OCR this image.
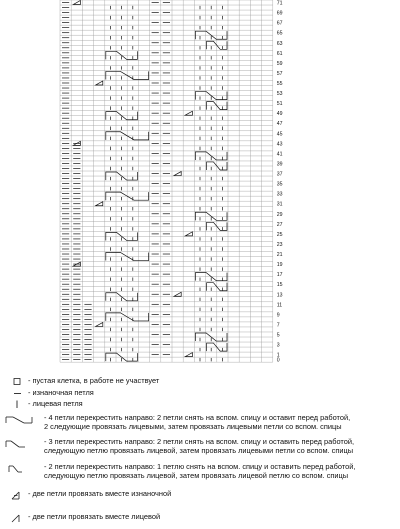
71
69
67
65
63
61
59
57
55
53
51
49
47
45
43
41
39
37
35
33
31
29
27
25
23
21
19
17
15
13
11
9
7
5
3
1
0
- пустая клетка, в работе не участвует
- изнаночная петля
- лицевая петля
- 4 петли перекрестить направо: 2 петли снять на вспом. спицу и оставит перед работой,
2 следующие провязать лицевыми, затем провязать лицевыми петли со вспом. спицы
- 3 петли перекрестить направо: 2 петли снять на вспом. спицу и оставить перед работой,
следующую петлю провязать лицевой, затем провязать лицевыми петли со вспом. спицы
- 2 петли перекрестить направо: 1 петлю снять на вспом. спицу и оставить перед работой,
следующую петлю провязать лицевой, затем провязать лицевой петлю со вспом. спицы
- две петли провязать вместе изнаночной
- две петли провязать вместе лицевой
